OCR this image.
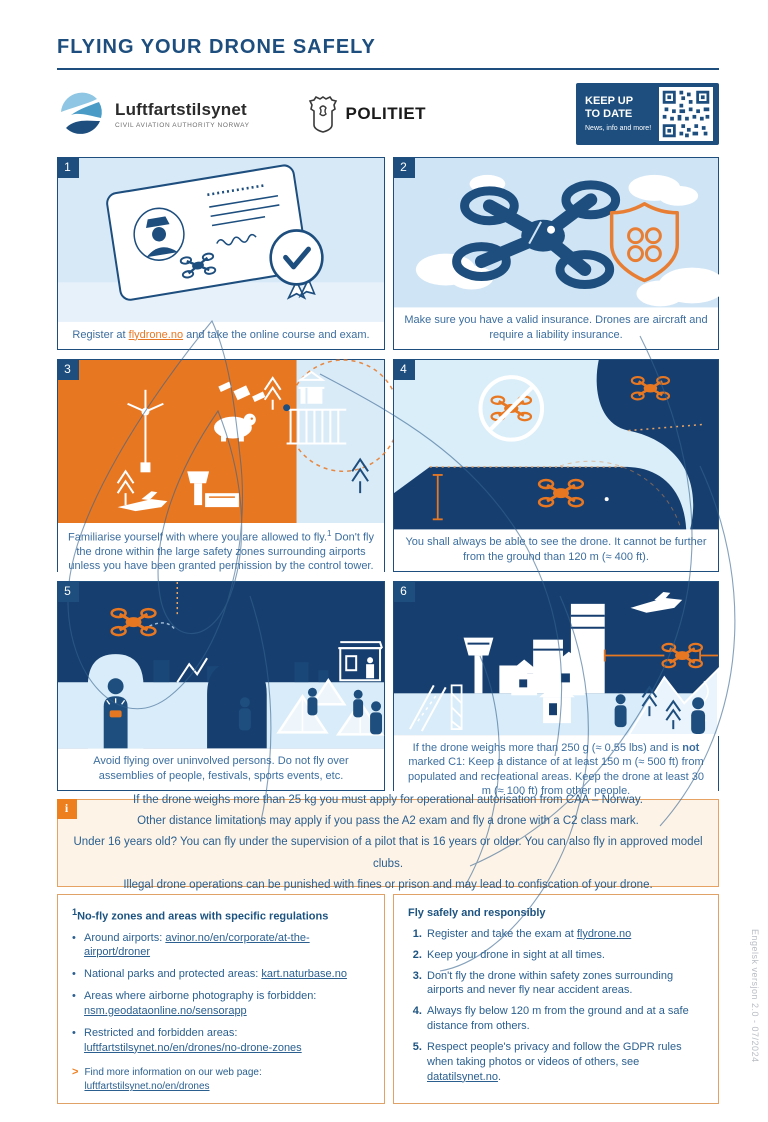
FLYING YOUR DRONE SAFELY
Luftfartstilsynet
CIVIL AVIATION AUTHORITY NORWAY
POLITIET
KEEP UP
TO DATE
News, info and more!
1
Register at flydrone.no and take the online course and exam.
2
Make sure you have a valid insurance. Drones are aircraft and require a liability insurance.
3
Familiarise yourself with where you are allowed to fly.$^1$ Don't fly the drone within the large safety zones surrounding airports unless you have been granted permission by the control tower.
4
You shall always be able to see the drone. It cannot be further from the ground than 120 m (≈ 400 ft).
5
Avoid flying over uninvolved persons. Do not fly over assemblies of people, festivals, sports events, etc.
6
If the drone weighs more than 250 g (≈ 0.55 lbs) and is not marked C1: Keep a distance of at least 150 m (≈ 500 ft) from populated and recreational areas. Keep the drone at least 30 m (≈ 100 ft) from other people.
i
If the drone weighs more than 25 kg you must apply for operational autorisation from CAA – Norway.
Other distance limitations may apply if you pass the A2 exam and fly a drone with a C2 class mark.
Under 16 years old? You can fly under the supervision of a pilot that is 16 years or older. You can also fly in approved model clubs.
Illegal drone operations can be punished with fines or prison and may lead to confiscation of your drone.
$^1$No-fly zones and areas with specific regulations
• Around airports: avinor.no/en/corporate/at-the-airport/droner
• National parks and protected areas: kart.naturbase.no
• Areas where airborne photography is forbidden: nsm.geodataonline.no/sensorapp
• Restricted and forbidden areas: luftfartstilsynet.no/en/drones/no-drone-zones
> Find more information on our web page: luftfartstilsynet.no/en/drones
Fly safely and responsibly
1. Register and take the exam at flydrone.no
2. Keep your drone in sight at all times.
3. Don't fly the drone within safety zones surrounding airports and never fly near accident areas.
4. Always fly below 120 m from the ground and at a safe distance from others.
5. Respect people's privacy and follow the GDPR rules when taking photos or videos of others, see datatilsynet.no.
Engelsk versjon 2.0 - 07/2024
